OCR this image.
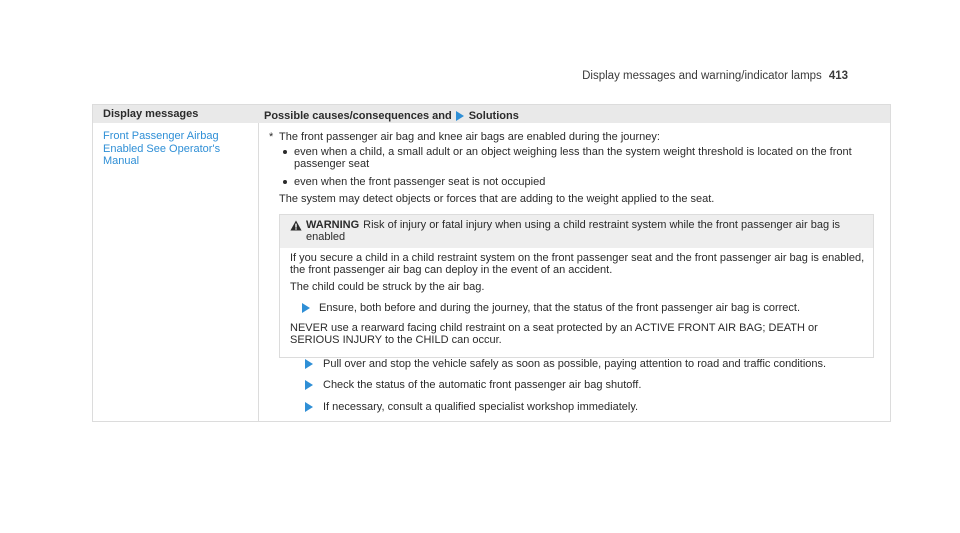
Display messages and warning/indicator lamps 413
Display messages	Possible causes/consequences and Solutions
Front Passenger Airbag Enabled See Operator's Manual
* The front passenger air bag and knee air bags are enabled during the journey:
even when a child, a small adult or an object weighing less than the system weight threshold is located on the front passenger seat
even when the front passenger seat is not occupied
The system may detect objects or forces that are adding to the weight applied to the seat.
WARNING Risk of injury or fatal injury when using a child restraint system while the front passenger air bag is enabled

If you secure a child in a child restraint system on the front passenger seat and the front passenger air bag is enabled, the front passenger air bag can deploy in the event of an accident.

The child could be struck by the air bag.

Ensure, both before and during the journey, that the status of the front passenger air bag is correct.

NEVER use a rearward facing child restraint on a seat protected by an ACTIVE FRONT AIR BAG; DEATH or SERIOUS INJURY to the CHILD can occur.

Pull over and stop the vehicle safely as soon as possible, paying attention to road and traffic conditions.
Check the status of the automatic front passenger air bag shutoff.
If necessary, consult a qualified specialist workshop immediately.
